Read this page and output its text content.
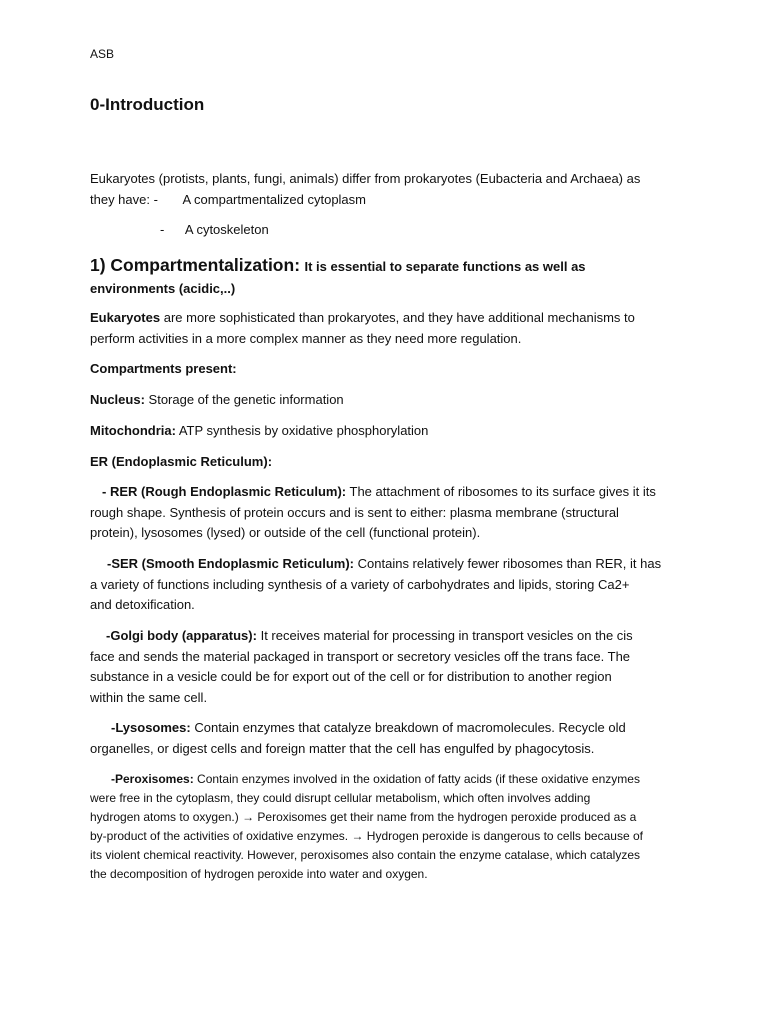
ASB
0-Introduction
Eukaryotes (protists, plants, fungi, animals) differ from prokaryotes (Eubacteria and Archaea) as
they have: - A compartmentalized cytoplasm
- A cytoskeleton
1) Compartmentalization: It is essential to separate functions as well as
environments (acidic,..)
Eukaryotes are more sophisticated than prokaryotes, and they have additional mechanisms to
perform activities in a more complex manner as they need more regulation.
Compartments present:
Nucleus: Storage of the genetic information
Mitochondria: ATP synthesis by oxidative phosphorylation
ER (Endoplasmic Reticulum):
- RER (Rough Endoplasmic Reticulum): The attachment of ribosomes to its surface gives it its
rough shape. Synthesis of protein occurs and is sent to either: plasma membrane (structural
protein), lysosomes (lysed) or outside of the cell (functional protein).
-SER (Smooth Endoplasmic Reticulum): Contains relatively fewer ribosomes than RER, it has
a variety of functions including synthesis of a variety of carbohydrates and lipids, storing Ca2+
and detoxification.
-Golgi body (apparatus): It receives material for processing in transport vesicles on the cis
face and sends the material packaged in transport or secretory vesicles off the trans face. The
substance in a vesicle could be for export out of the cell or for distribution to another region
within the same cell.
-Lysosomes: Contain enzymes that catalyze breakdown of macromolecules. Recycle old
organelles, or digest cells and foreign matter that the cell has engulfed by phagocytosis.
-Peroxisomes: Contain enzymes involved in the oxidation of fatty acids (if these oxidative enzymes
were free in the cytoplasm, they could disrupt cellular metabolism, which often involves adding
hydrogen atoms to oxygen.) → Peroxisomes get their name from the hydrogen peroxide produced as a
by-product of the activities of oxidative enzymes. → Hydrogen peroxide is dangerous to cells because of
its violent chemical reactivity. However, peroxisomes also contain the enzyme catalase, which catalyzes
the decomposition of hydrogen peroxide into water and oxygen.
